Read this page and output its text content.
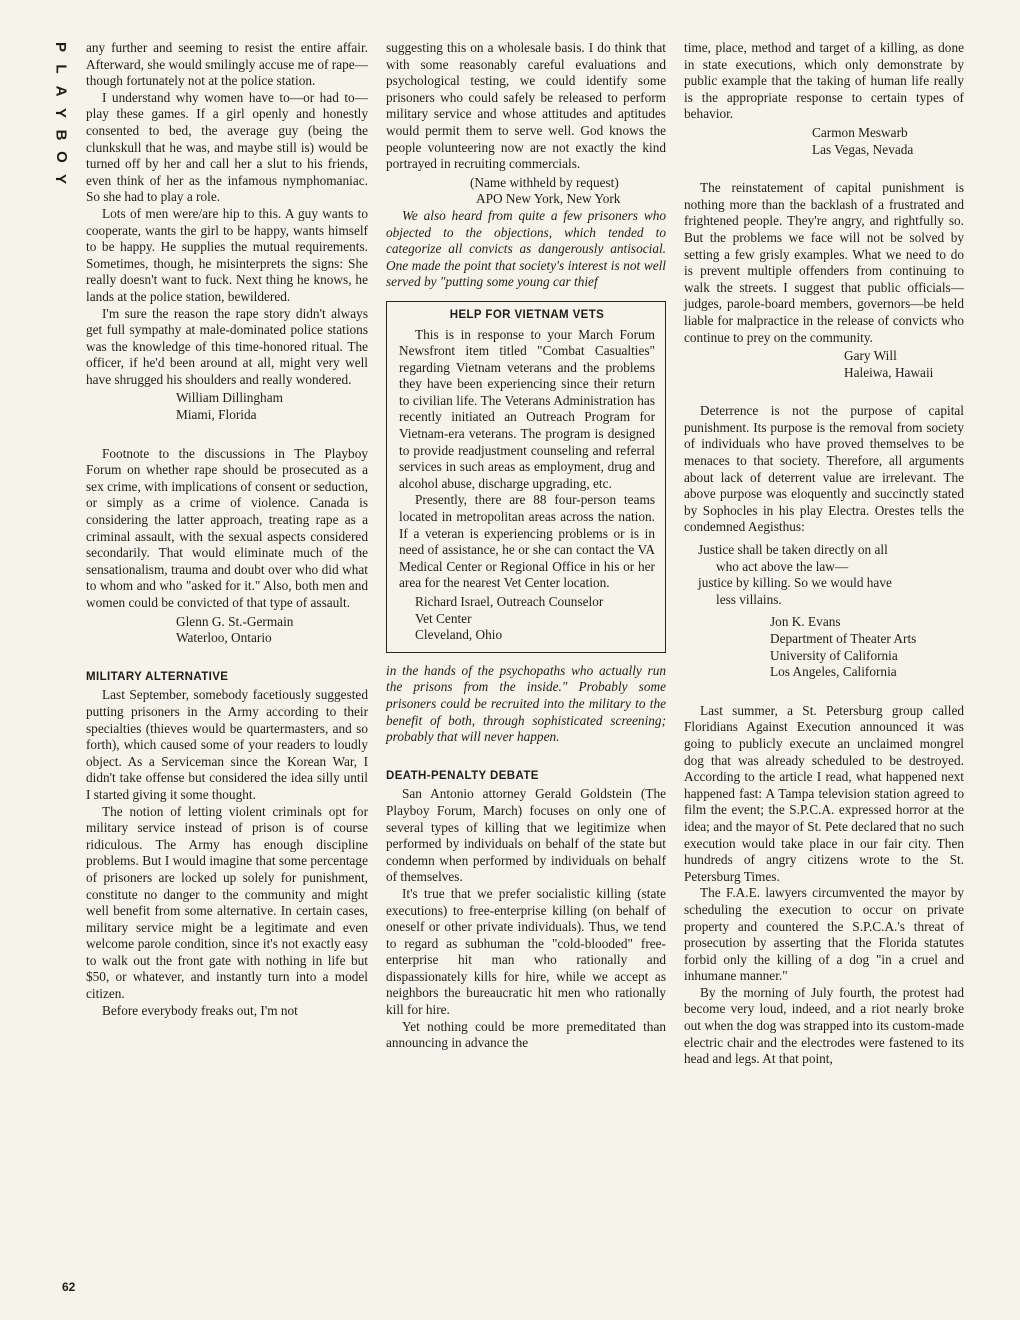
P
L
A
Y
B
O
Y

any further and seeming to resist the entire affair. Afterward, she would smilingly accuse me of rape—though fortunately not at the police station.

I understand why women have to—or had to—play these games. If a girl openly and honestly consented to bed, the average guy (being the clunkskull that he was, and maybe still is) would be turned off by her and call her a slut to his friends, even think of her as the infamous nymphomaniac. So she had to play a role.

Lots of men were/are hip to this. A guy wants to cooperate, wants the girl to be happy, wants himself to be happy. He supplies the mutual requirements. Sometimes, though, he misinterprets the signs: She really doesn't want to fuck. Next thing he knows, he lands at the police station, bewildered.

I'm sure the reason the rape story didn't always get full sympathy at male-dominated police stations was the knowledge of this time-honored ritual. The officer, if he'd been around at all, might very well have shrugged his shoulders and really wondered.

William Dillingham
Miami, Florida

Footnote to the discussions in The Playboy Forum on whether rape should be prosecuted as a sex crime, with implications of consent or seduction, or simply as a crime of violence. Canada is considering the latter approach, treating rape as a criminal assault, with the sexual aspects considered secondarily. That would eliminate much of the sensationalism, trauma and doubt over who did what to whom and who "asked for it." Also, both men and women could be convicted of that type of assault.

Glenn G. St.-Germain
Waterloo, Ontario
MILITARY ALTERNATIVE

Last September, somebody facetiously suggested putting prisoners in the Army according to their specialties (thieves would be quartermasters, and so forth), which caused some of your readers to loudly object. As a Serviceman since the Korean War, I didn't take offense but considered the idea silly until I started giving it some thought.

The notion of letting violent criminals opt for military service instead of prison is of course ridiculous. The Army has enough discipline problems. But I would imagine that some percentage of prisoners are locked up solely for punishment, constitute no danger to the community and might well benefit from some alternative. In certain cases, military service might be a legitimate and even welcome parole condition, since it's not exactly easy to walk out the front gate with nothing in life but $50, or whatever, and instantly turn into a model citizen.

Before everybody freaks out, I'm not

suggesting this on a wholesale basis. I do think that with some reasonably careful evaluations and psychological testing, we could identify some prisoners who could safely be released to perform military service and whose attitudes and aptitudes would permit them to serve well. God knows the people volunteering now are not exactly the kind portrayed in recruiting commercials.

(Name withheld by request)
APO New York, New York

We also heard from quite a few prisoners who objected to the objections, which tended to categorize all convicts as dangerously antisocial. One made the point that society's interest is not well served by "putting some young car thief

HELP FOR VIETNAM VETS

This is in response to your March Forum Newsfront item titled "Combat Casualties" regarding Vietnam veterans and the problems they have been experiencing since their return to civilian life. The Veterans Administration has recently initiated an Outreach Program for Vietnam-era veterans. The program is designed to provide readjustment counseling and referral services in such areas as employment, drug and alcohol abuse, discharge upgrading, etc.

Presently, there are 88 four-person teams located in metropolitan areas across the nation. If a veteran is experiencing problems or is in need of assistance, he or she can contact the VA Medical Center or Regional Office in his or her area for the nearest Vet Center location.

Richard Israel, Outreach Counselor
Vet Center
Cleveland, Ohio

in the hands of the psychopaths who actually run the prisons from the inside." Probably some prisoners could be recruited into the military to the benefit of both, through sophisticated screening; probably that will never happen.

DEATH-PENALTY DEBATE

San Antonio attorney Gerald Goldstein (The Playboy Forum, March) focuses on only one of several types of killing that we legitimize when performed by individuals on behalf of the state but condemn when performed by individuals on behalf of themselves.

It's true that we prefer socialistic killing (state executions) to free-enterprise killing (on behalf of oneself or other private individuals). Thus, we tend to regard as subhuman the "cold-blooded" free-enterprise hit man who rationally and dispassionately kills for hire, while we accept as neighbors the bureaucratic hit men who rationally kill for hire.

Yet nothing could be more premeditated than announcing in advance the

time, place, method and target of a killing, as done in state executions, which only demonstrate by public example that the taking of human life really is the appropriate response to certain types of behavior.

Carmon Meswarb
Las Vegas, Nevada

The reinstatement of capital punishment is nothing more than the backlash of a frustrated and frightened people. They're angry, and rightfully so. But the problems we face will not be solved by setting a few grisly examples. What we need to do is prevent multiple offenders from continuing to walk the streets. I suggest that public officials—judges, parole-board members, governors—be held liable for malpractice in the release of convicts who continue to prey on the community.

Gary Will
Haleiwa, Hawaii

Deterrence is not the purpose of capital punishment. Its purpose is the removal from society of individuals who have proved themselves to be menaces to that society. Therefore, all arguments about lack of deterrent value are irrelevant. The above purpose was eloquently and succinctly stated by Sophocles in his play Electra. Orestes tells the condemned Aegisthus:

Justice shall be taken directly on all
who act above the law—
justice by killing. So we would have
less villains.
Jon K. Evans
Department of Theater Arts
University of California
Los Angeles, California

Last summer, a St. Petersburg group called Floridians Against Execution announced it was going to publicly execute an unclaimed mongrel dog that was already scheduled to be destroyed. According to the article I read, what happened next happened fast: A Tampa television station agreed to film the event; the S.P.C.A. expressed horror at the idea; and the mayor of St. Pete declared that no such execution would take place in our fair city. Then hundreds of angry citizens wrote to the St. Petersburg Times.

The F.A.E. lawyers circumvented the mayor by scheduling the execution to occur on private property and countered the S.P.C.A.'s threat of prosecution by asserting that the Florida statutes forbid only the killing of a dog "in a cruel and inhumane manner."

By the morning of July fourth, the protest had become very loud, indeed, and a riot nearly broke out when the dog was strapped into its custom-made electric chair and the electrodes were fastened to its head and legs. At that point,

62
